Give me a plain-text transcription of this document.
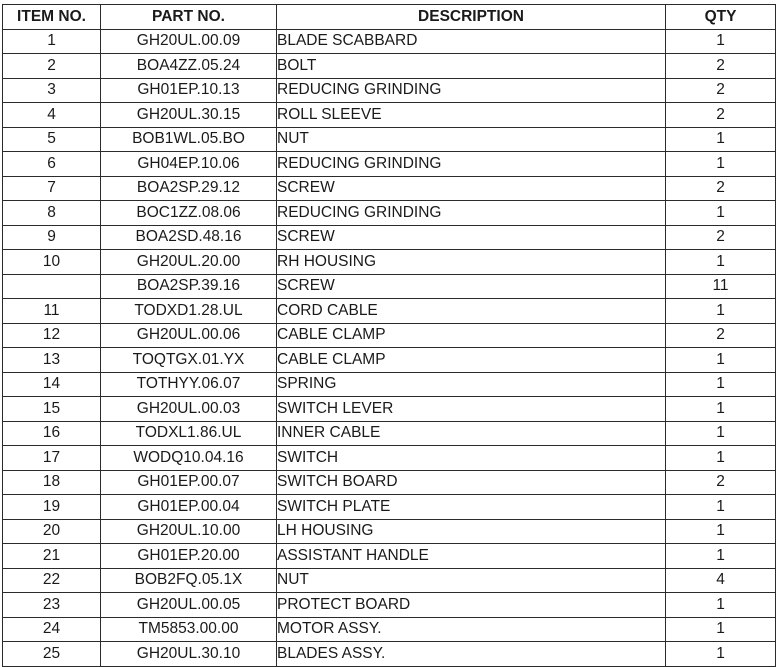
ITEM NO.	PART NO.	DESCRIPTION	QTY
1	GH20UL.00.09	BLADE SCABBARD	1
2	BOA4ZZ.05.24	BOLT	2
3	GH01EP.10.13	REDUCING GRINDING	2
4	GH20UL.30.15	ROLL SLEEVE	2
5	BOB1WL.05.BO	NUT	1
6	GH04EP.10.06	REDUCING GRINDING	1
7	BOA2SP.29.12	SCREW	2
8	BOC1ZZ.08.06	REDUCING GRINDING	1
9	BOA2SD.48.16	SCREW	2
10	GH20UL.20.00	RH HOUSING	1
	BOA2SP.39.16	SCREW	11
11	TODXD1.28.UL	CORD CABLE	1
12	GH20UL.00.06	CABLE CLAMP	2
13	TOQTGX.01.YX	CABLE CLAMP	1
14	TOTHYY.06.07	SPRING	1
15	GH20UL.00.03	SWITCH LEVER	1
16	TODXL1.86.UL	INNER CABLE	1
17	WODQ10.04.16	SWITCH	1
18	GH01EP.00.07	SWITCH BOARD	2
19	GH01EP.00.04	SWITCH PLATE	1
20	GH20UL.10.00	LH HOUSING	1
21	GH01EP.20.00	ASSISTANT HANDLE	1
22	BOB2FQ.05.1X	NUT	4
23	GH20UL.00.05	PROTECT BOARD	1
24	TM5853.00.00	MOTOR ASSY.	1
25	GH20UL.30.10	BLADES ASSY.	1
